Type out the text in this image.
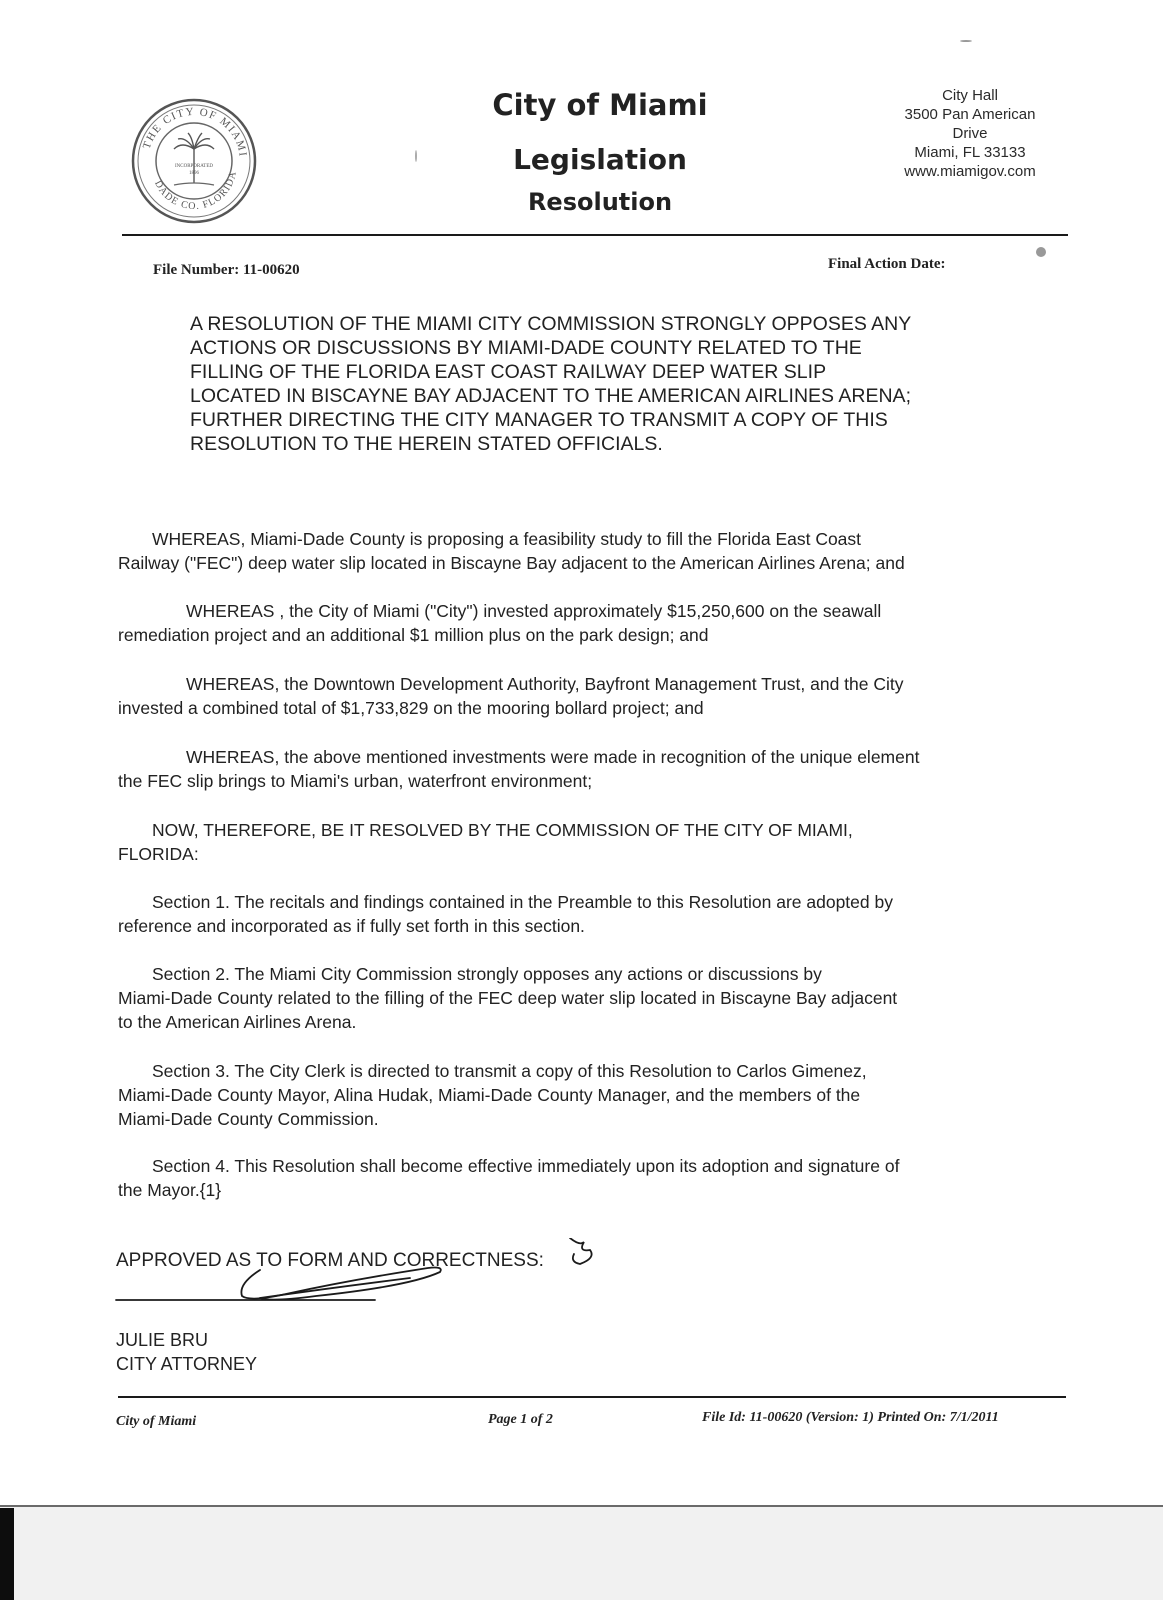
THE CITY OF MIAMI
DADE CO. FLORIDA
INCORPORATED
1896
City of Miami
Legislation
Resolution
City Hall
3500 Pan American
Drive
Miami, FL 33133
www.miamigov.com
File Number: 11-00620	Final Action Date:
A RESOLUTION OF THE MIAMI CITY COMMISSION STRONGLY OPPOSES ANY
ACTIONS OR DISCUSSIONS BY MIAMI-DADE COUNTY RELATED TO THE
FILLING OF THE FLORIDA EAST COAST RAILWAY DEEP WATER SLIP
LOCATED IN BISCAYNE BAY ADJACENT TO THE AMERICAN AIRLINES ARENA;
FURTHER DIRECTING THE CITY MANAGER TO TRANSMIT A COPY OF THIS
RESOLUTION TO THE HEREIN STATED OFFICIALS.
WHEREAS, Miami-Dade County is proposing a feasibility study to fill the Florida East Coast
Railway ("FEC") deep water slip located in Biscayne Bay adjacent to the American Airlines Arena; and
WHEREAS , the City of Miami ("City") invested approximately $15,250,600 on the seawall
remediation project and an additional $1 million plus on the park design; and
WHEREAS, the Downtown Development Authority, Bayfront Management Trust, and the City
invested a combined total of $1,733,829 on the mooring bollard project; and
WHEREAS, the above mentioned investments were made in recognition of the unique element
the FEC slip brings to Miami's urban, waterfront environment;
NOW, THEREFORE, BE IT RESOLVED BY THE COMMISSION OF THE CITY OF MIAMI,
FLORIDA:
Section 1. The recitals and findings contained in the Preamble to this Resolution are adopted by
reference and incorporated as if fully set forth in this section.
Section 2. The Miami City Commission strongly opposes any actions or discussions by
Miami-Dade County related to the filling of the FEC deep water slip located in Biscayne Bay adjacent
to the American Airlines Arena.
Section 3. The City Clerk is directed to transmit a copy of this Resolution to Carlos Gimenez,
Miami-Dade County Mayor, Alina Hudak, Miami-Dade County Manager, and the members of the
Miami-Dade County Commission.
Section 4. This Resolution shall become effective immediately upon its adoption and signature of
the Mayor.{1}
APPROVED AS TO FORM AND CORRECTNESS:
JULIE BRU
CITY ATTORNEY
City of Miami	Page 1 of 2	File Id: 11-00620 (Version: 1) Printed On: 7/1/2011
